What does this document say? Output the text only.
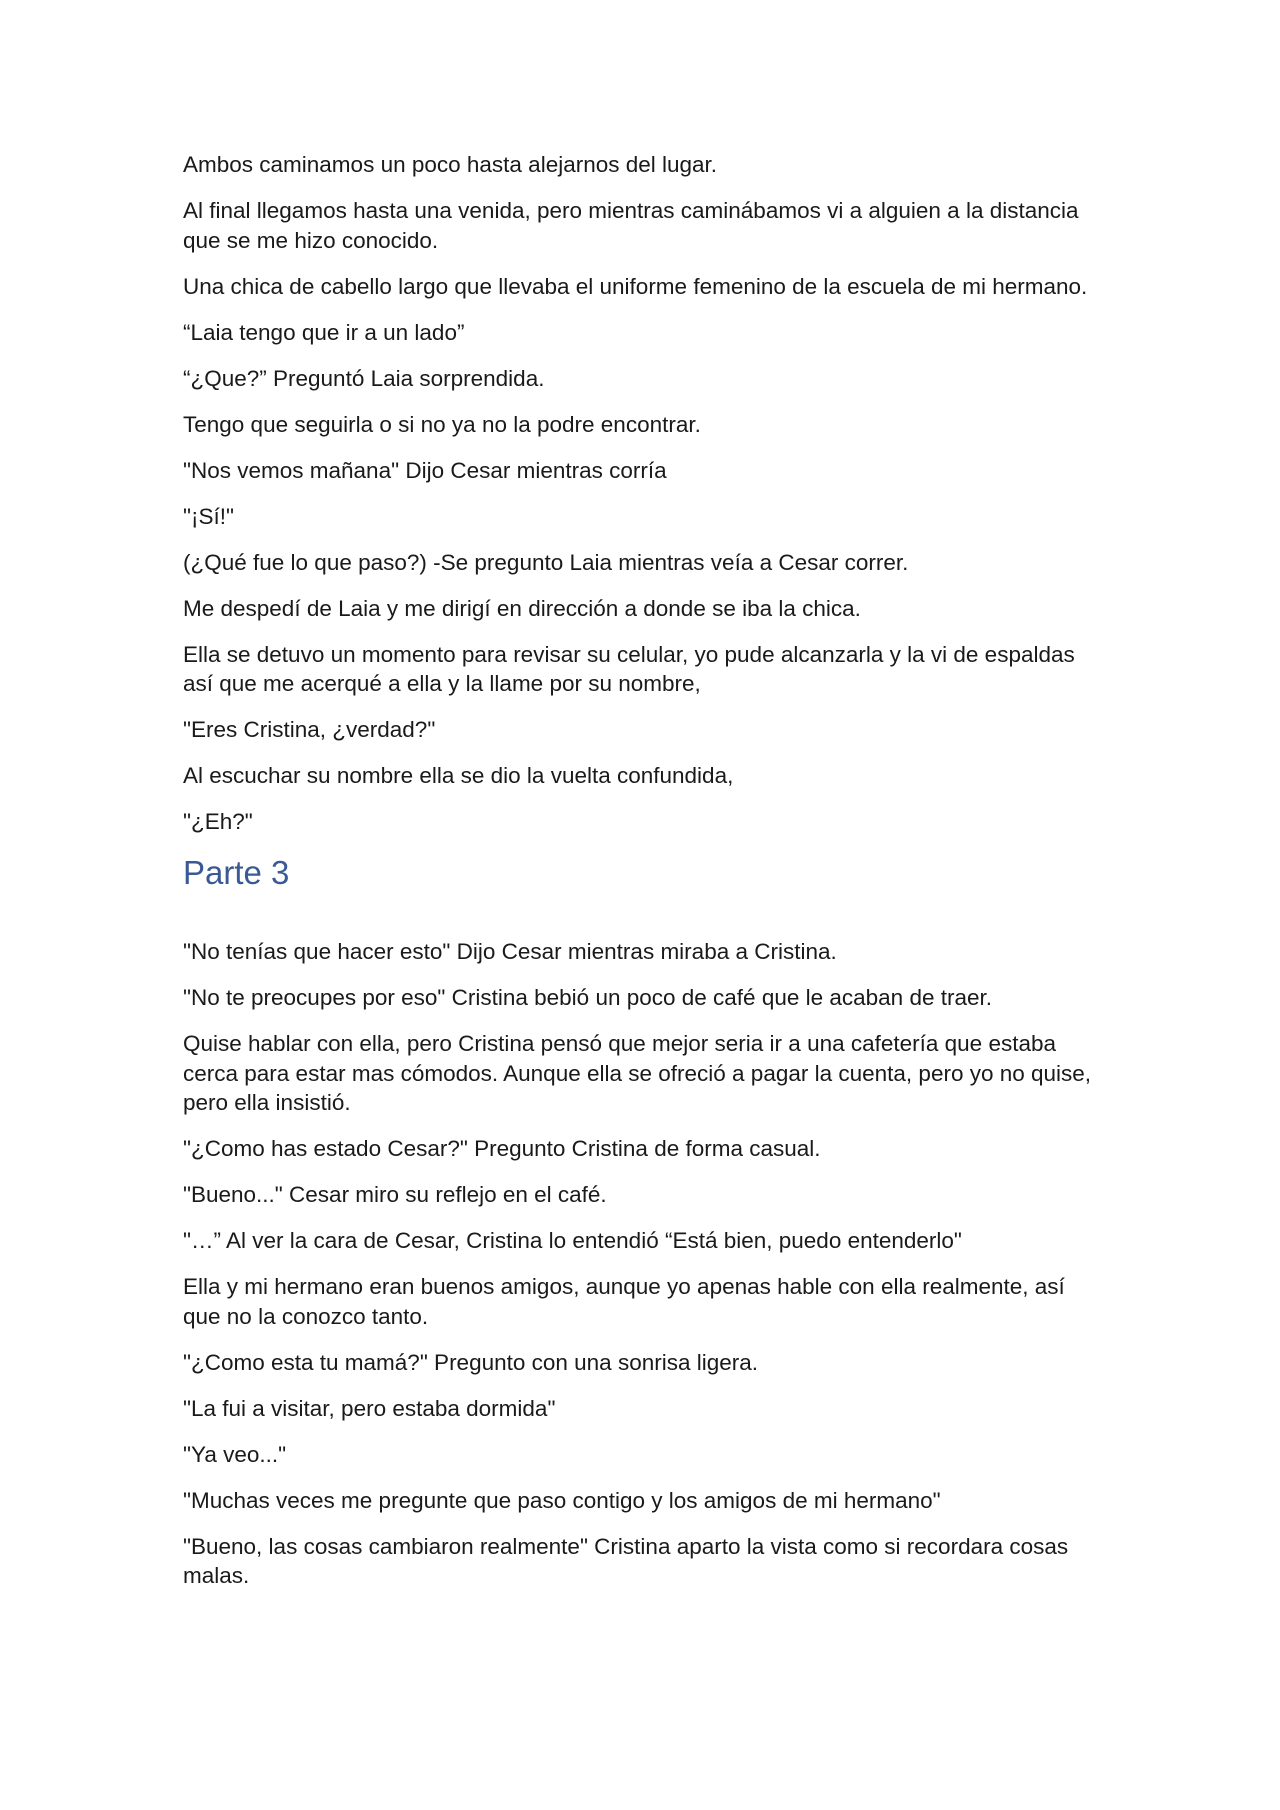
Ambos caminamos un poco hasta alejarnos del lugar.

Al final llegamos hasta una venida, pero mientras caminábamos vi a alguien a la distancia que se me hizo conocido.

Una chica de cabello largo que llevaba el uniforme femenino de la escuela de mi hermano.

“Laia tengo que ir a un lado”

“¿Que?” Preguntó Laia sorprendida.

Tengo que seguirla o si no ya no la podre encontrar.

"Nos vemos mañana" Dijo Cesar mientras corría

"¡Sí!"

(¿Qué fue lo que paso?) -Se pregunto Laia mientras veía a Cesar correr.

Me despedí de Laia y me dirigí en dirección a donde se iba la chica.

Ella se detuvo un momento para revisar su celular, yo pude alcanzarla y la vi de espaldas así que me acerqué a ella y la llame por su nombre,

"Eres Cristina, ¿verdad?"

Al escuchar su nombre ella se dio la vuelta confundida,

"¿Eh?"

Parte 3

"No tenías que hacer esto" Dijo Cesar mientras miraba a Cristina.

"No te preocupes por eso" Cristina bebió un poco de café que le acaban de traer.

Quise hablar con ella, pero Cristina pensó que mejor seria ir a una cafetería que estaba cerca para estar mas cómodos. Aunque ella se ofreció a pagar la cuenta, pero yo no quise, pero ella insistió.

"¿Como has estado Cesar?" Pregunto Cristina de forma casual.

"Bueno..." Cesar miro su reflejo en el café.

"…” Al ver la cara de Cesar, Cristina lo entendió “Está bien, puedo entenderlo"

Ella y mi hermano eran buenos amigos, aunque yo apenas hable con ella realmente, así que no la conozco tanto.

"¿Como esta tu mamá?" Pregunto con una sonrisa ligera.

"La fui a visitar, pero estaba dormida"

"Ya veo..."

"Muchas veces me pregunte que paso contigo y los amigos de mi hermano"

"Bueno, las cosas cambiaron realmente" Cristina aparto la vista como si recordara cosas malas.
